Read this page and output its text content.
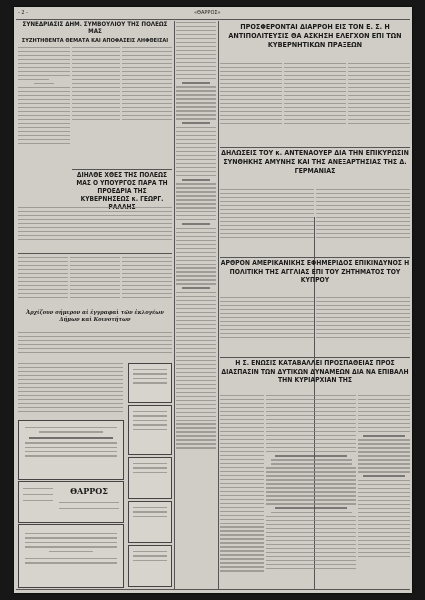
- 2 -	«ΘΑΡΡΟΣ»

ΣΥΝΕΔΡΙΑΣΙΣ ΔΗΜ. ΣΥΜΒΟΥΛΙΟΥ ΤΗΣ ΠΟΛΕΩΣ ΜΑΣ

ΣΥΖΗΤΗΘΕΝΤΑ ΘΕΜΑΤΑ ΚΑΙ ΑΠΟΦΑΣΕΙΣ ΛΗΦΘΕΙΣΑΙ

ΔΙΗΛΘΕ ΧΘΕΣ ΤΗΣ ΠΟΛΕΩΣ ΜΑΣ Ο ΥΠΟΥΡΓΟΣ ΠΑΡΑ ΤΗ ΠΡΟΕΔΡΙΑ ΤΗΣ ΚΥΒΕΡΝΗΣΕΩΣ κ. ΓΕΩΡΓ.

Ἀρχίζουν σήμερον αἱ ἐγγραφαὶ τῶν ἐκλογέων Δήμων καὶ Κοινοτήτων

ΘΑΡΡΟΣ

ΠΡΟΣΦΕΡΟΝΤΑΙ ΔΙΑΡΡΟΗ ΕΙΣ ΤΟΝ Ε. Σ. Η ΑΝΤΙΠΟΛΙΤΕΥΣΙΣ ΘΑ ΑΣΚΗΣΗ ΕΛΕΓΧΟΝ ΕΠΙ ΤΩΝ ΚΥΒΕΡΝΗΤΙΚΩΝ ΠΡΑΞΕΩΝ

ΔΗΛΩΣΕΙΣ ΤΟΥ κ. ΑΝΤΕΝΑΟΥΕΡ ΔΙΑ ΤΗΝ ΕΠΙΚΥΡΩΣΙΝ ΣΥΝΘΗΚΗΣ ΑΜΥΝΗΣ ΚΑΙ ΤΗΣ ΑΝΕΞΑΡΤΗΣΙΑΣ ΤΗΣ Δ. ΓΕΡΜΑΝΙΑΣ

ΑΡΘΡΟΝ ΑΜΕΡΙΚΑΝΙΚΗΣ ΕΦΗΜΕΡΙΔΟΣ ΕΠΙΚΙΝΔΥΝΟΣ Η ΠΟΛΙΤΙΚΗ ΤΗΣ ΑΓΓΛΙΑΣ ΕΠΙ ΤΟΥ ΖΗΤΗΜΑΤΟΣ ΤΟΥ ΚΥΠΡΟΥ

Η Σ. ΕΝΩΣΙΣ ΚΑΤΑΒΑΛΛΕΙ ΠΡΟΣΠΑΘΕΙΑΣ ΠΡΟΣ ΔΙΑΣΠΑΣΙΝ ΤΩΝ ΔΥΤΙΚΩΝ ΔΥΝΑΜΕΩΝ ΔΙΑ ΝΑ ΕΠΙΒΑΛΗ ΤΗΝ ΚΥΡΙΑΡΧΙΑΝ ΤΗΣ
